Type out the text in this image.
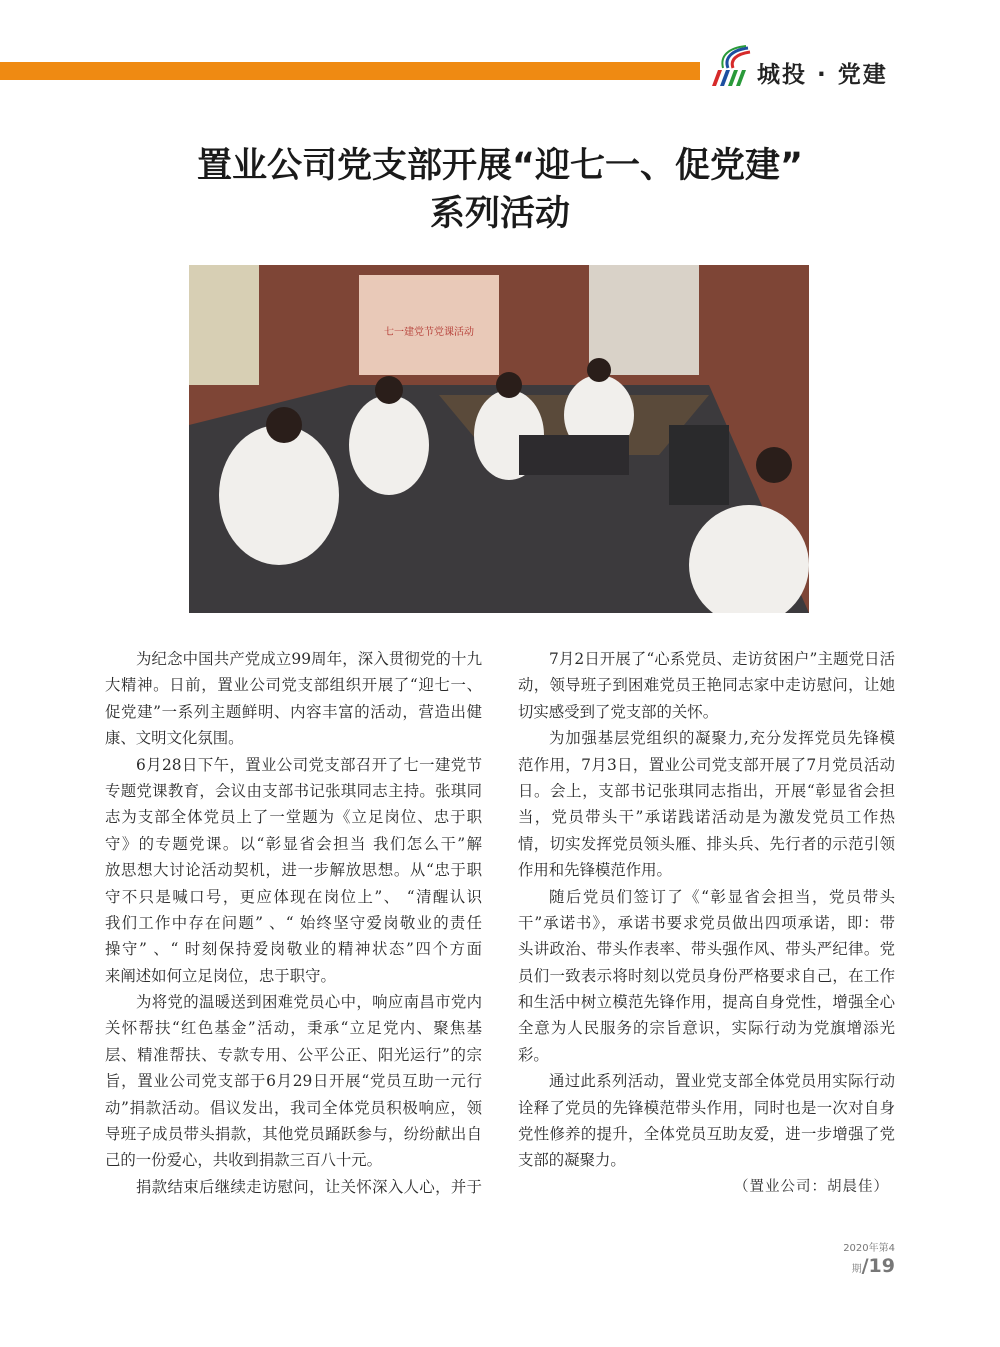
城投 · 党建
置业公司党支部开展“迎七一、促党建”
系列活动
七一建党节党课活动
为纪念中国共产党成立99周年，深入贯彻党的十九
大精神。日前，置业公司党支部组织开展了“迎七一、
促党建”一系列主题鲜明、内容丰富的活动，营造出健
康、文明文化氛围。
6月28日下午，置业公司党支部召开了七一建党节
专题党课教育，会议由支部书记张琪同志主持。张琪同
志为支部全体党员上了一堂题为《立足岗位、忠于职
守》的专题党课。以“彰显省会担当 我们怎么干”解
放思想大讨论活动契机，进一步解放思想。从“忠于职
守不只是喊口号，更应体现在岗位上”、 “清醒认识
我们工作中存在问题” 、“ 始终坚守爱岗敬业的责任
操守” 、“ 时刻保持爱岗敬业的精神状态”四个方面
来阐述如何立足岗位，忠于职守。
为将党的温暖送到困难党员心中，响应南昌市党内
关怀帮扶“红色基金”活动，秉承“立足党内、聚焦基
层、精准帮扶、专款专用、公平公正、阳光运行”的宗
旨，置业公司党支部于6月29日开展“党员互助一元行
动”捐款活动。倡议发出，我司全体党员积极响应，领
导班子成员带头捐款，其他党员踊跃参与，纷纷献出自
己的一份爱心，共收到捐款三百八十元。
捐款结束后继续走访慰问，让关怀深入人心，并于
7月2日开展了“心系党员、走访贫困户”主题党日活
动，领导班子到困难党员王艳同志家中走访慰问，让她
切实感受到了党支部的关怀。
为加强基层党组织的凝聚力,充分发挥党员先锋模
范作用，7月3日，置业公司党支部开展了7月党员活动
日。会上，支部书记张琪同志指出，开展“彰显省会担
当，党员带头干”承诺践诺活动是为激发党员工作热
情，切实发挥党员领头雁、排头兵、先行者的示范引领
作用和先锋模范作用。
随后党员们签订了《“彰显省会担当，党员带头
干”承诺书》，承诺书要求党员做出四项承诺，即：带
头讲政治、带头作表率、带头强作风、带头严纪律。党
员们一致表示将时刻以党员身份严格要求自己，在工作
和生活中树立模范先锋作用，提高自身党性，增强全心
全意为人民服务的宗旨意识，实际行动为党旗增添光
彩。
通过此系列活动，置业党支部全体党员用实际行动
诠释了党员的先锋模范带头作用，同时也是一次对自身
党性修养的提升，全体党员互助友爱，进一步增强了党
支部的凝聚力。
（置业公司：胡晨佳）
2020年第4期/19
